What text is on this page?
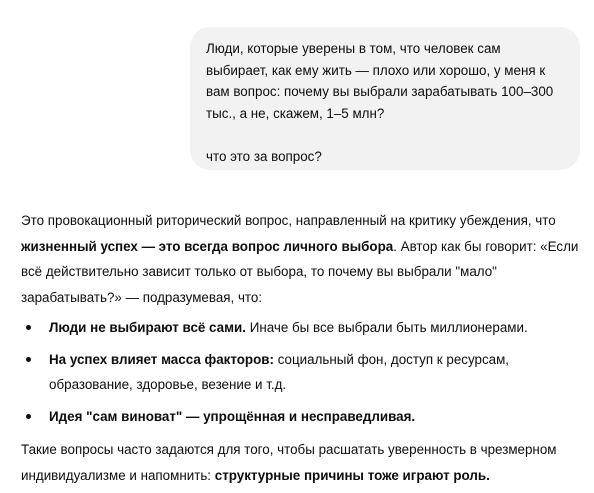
Люди, которые уверены в том, что человек сам выбирает, как ему жить — плохо или хорошо, у меня к вам вопрос: почему вы выбрали зарабатывать 100–300 тыс., а не, скажем, 1–5 млн?

что это за вопрос?

Это провокационный риторический вопрос, направленный на критику убеждения, что жизненный успех — это всегда вопрос личного выбора. Автор как бы говорит: «Если всё действительно зависит только от выбора, то почему вы выбрали "мало" зарабатывать?» — подразумевая, что:

Люди не выбирают всё сами. Иначе бы все выбрали быть миллионерами.
На успех влияет масса факторов: социальный фон, доступ к ресурсам, образование, здоровье, везение и т.д.
Идея "сам виноват" — упрощённая и несправедливая.

Такие вопросы часто задаются для того, чтобы расшатать уверенность в чрезмерном индивидуализме и напомнить: структурные причины тоже играют роль.
